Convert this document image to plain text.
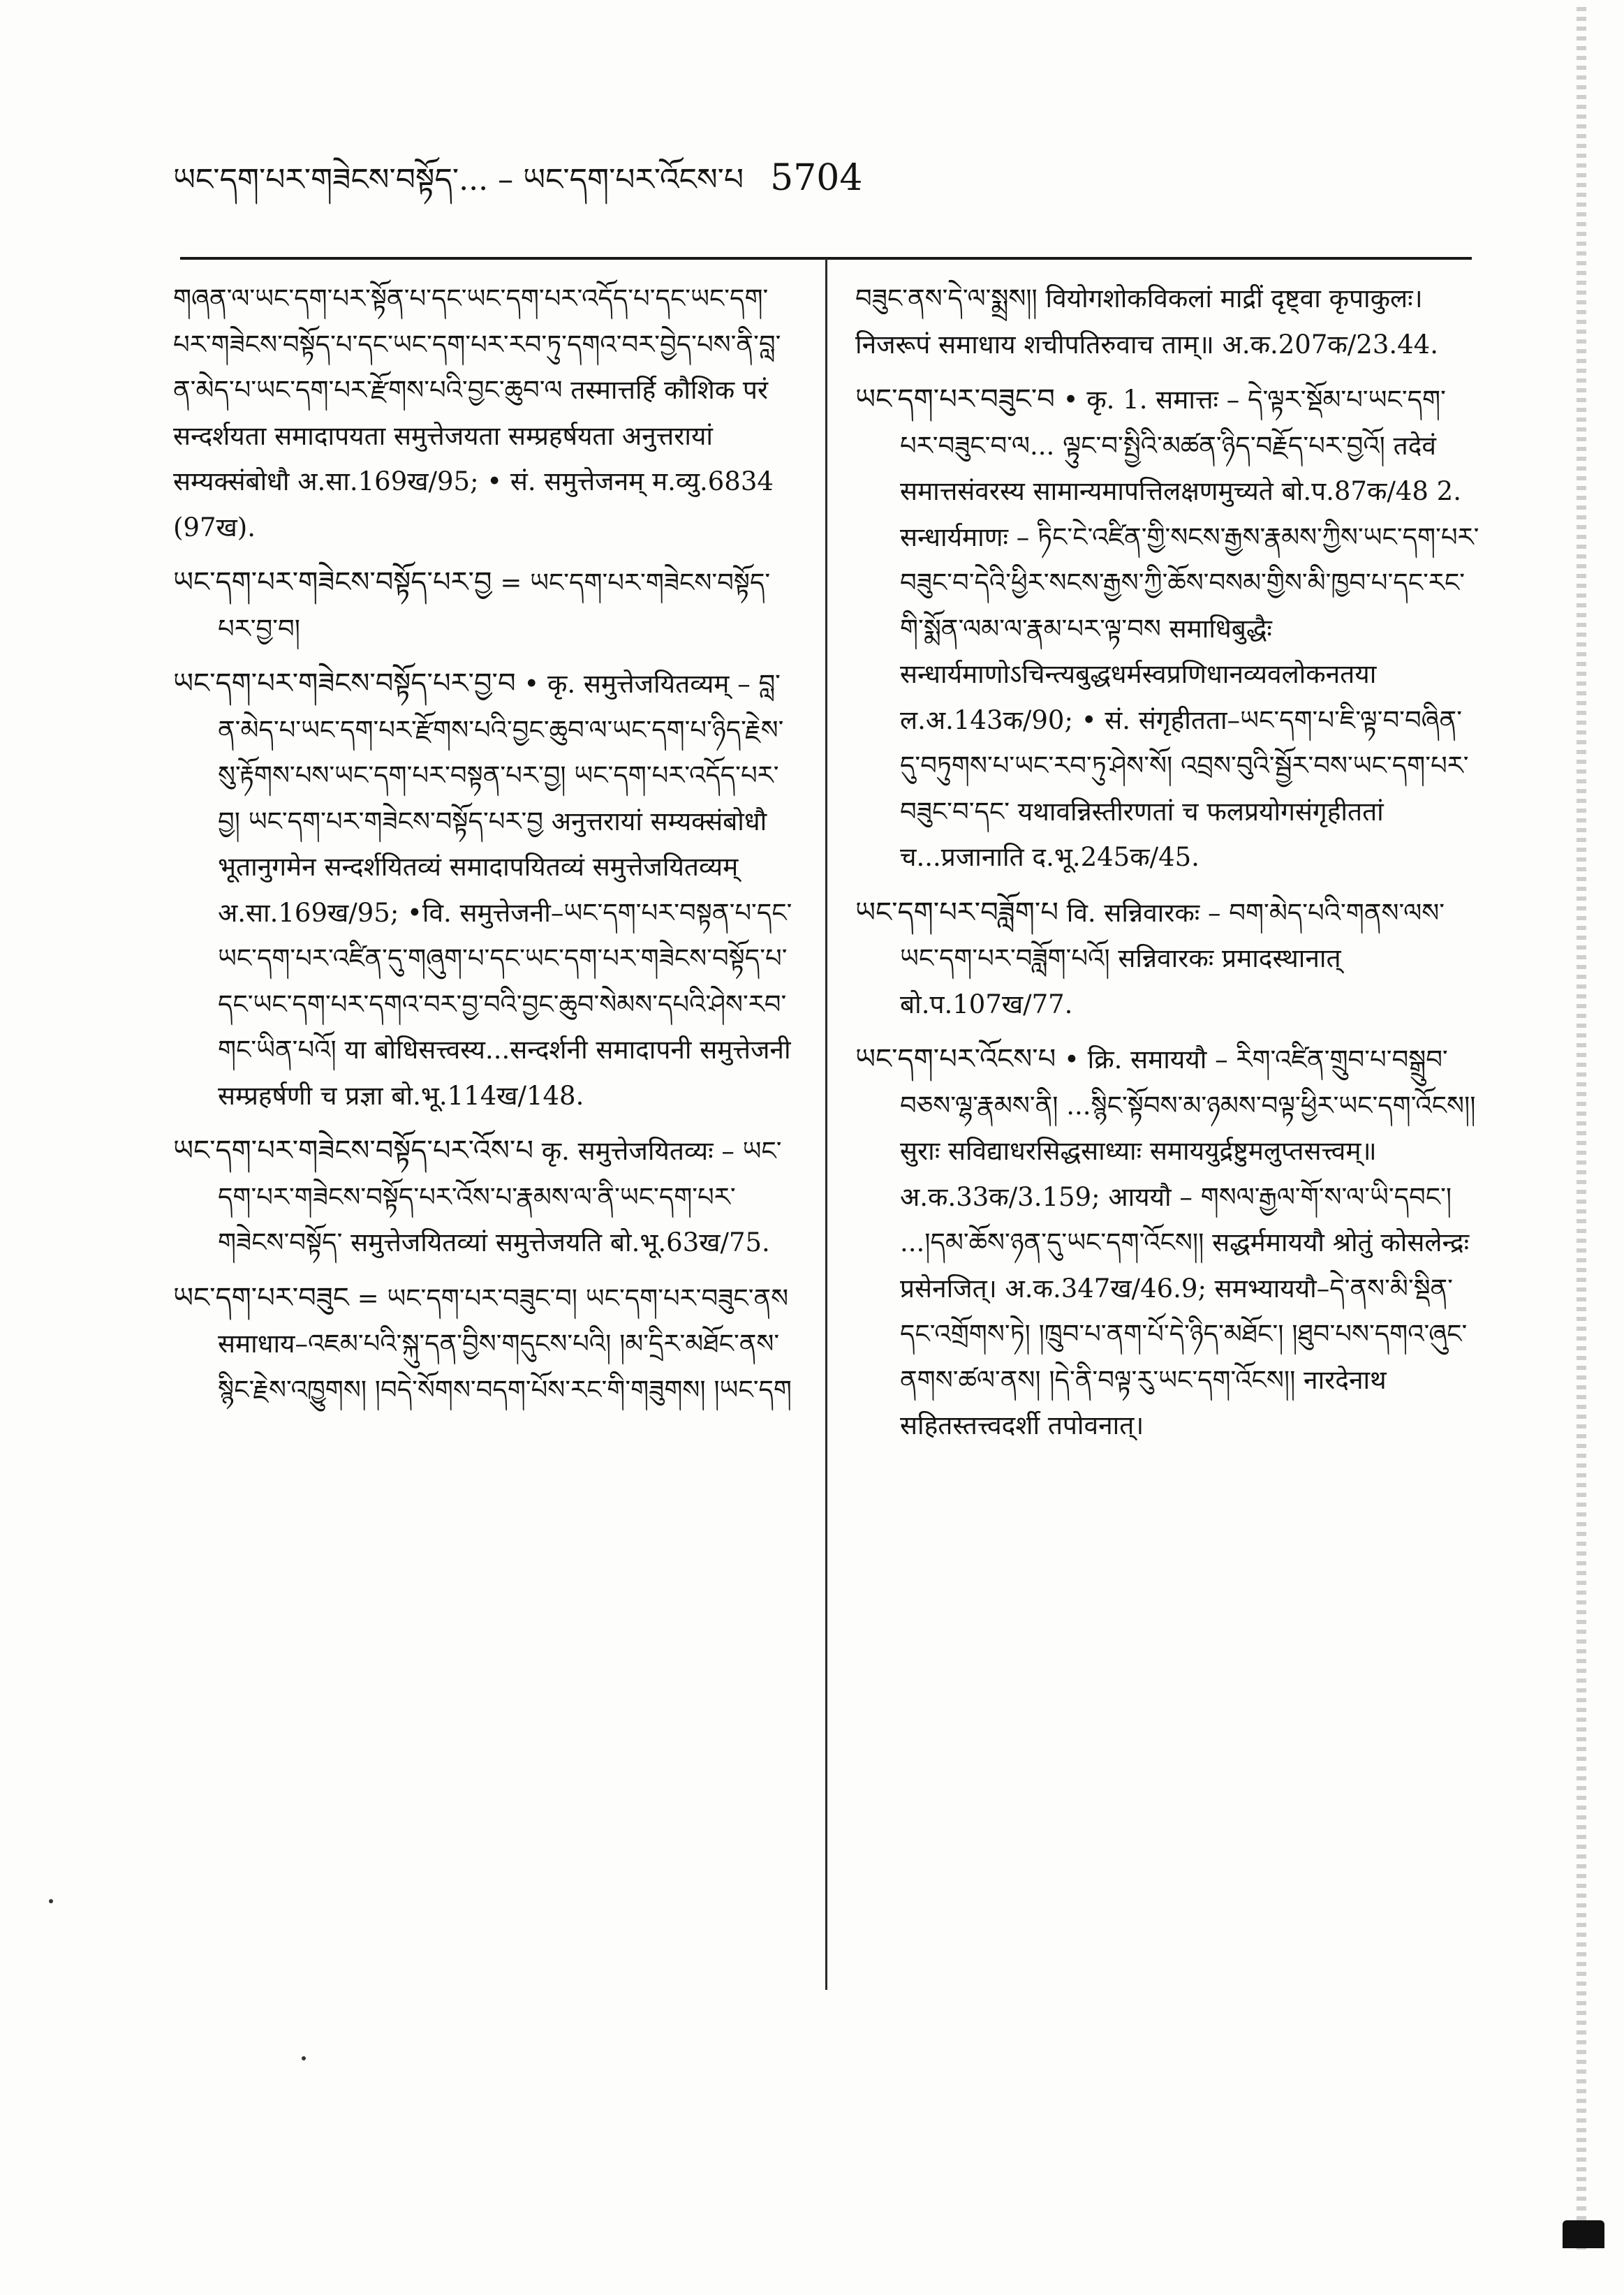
ཡང་དག་པར་གཟེངས་བསྟོད་... – ཡང་དག་པར་འོངས་པ 5704

གཞན་ལ་ཡང་དག་པར་སྟོན་པ་དང་ཡང་དག་པར་འདོད་པ་དང་ཡང་དག་པར་གཟེངས་བསྟོད་པ་དང་ཡང་དག་པར་རབ་ཏུ་དགའ་བར་བྱེད་པས་ནི་བླ་ན་མེད་པ་ཡང་དག་པར་རྫོགས་པའི་བྱང་ཆུབ་ལ तस्मात्तर्हि कौशिक परं सन्दर्शयता समादापयता समुत्तेजयता सम्प्रहर्षयता अनुत्तरायां सम्यक्संबोधौ अ.सा.169ख/95; • सं. समुत्तेजनम् म.व्यु.6834 (97ख).

ཡང་དག་པར་གཟེངས་བསྟོད་པར་བྱ = ཡང་དག་པར་གཟེངས་བསྟོད་པར་བྱ་བ།

ཡང་དག་པར་གཟེངས་བསྟོད་པར་བྱ་བ • कृ. समुत्तेजयितव्यम् – བླ་ན་མེད་པ་ཡང་དག་པར་རྫོགས་པའི་བྱང་ཆུབ་ལ་ཡང་དག་པ་ཉིད་རྗེས་སུ་རྟོགས་པས་ཡང་དག་པར་བསྟན་པར་བྱ། ཡང་དག་པར་འདོད་པར་བྱ། ཡང་དག་པར་གཟེངས་བསྟོད་པར་བྱ अनुत्तरायां सम्यक्संबोधौ भूतानुगमेन सन्दर्शयितव्यं समादापयितव्यं समुत्तेजयितव्यम् अ.सा.169ख/95; •वि. समुत्तेजनी–ཡང་དག་པར་བསྟན་པ་དང་ཡང་དག་པར་འཛིན་དུ་གཞུག་པ་དང་ཡང་དག་པར་གཟེངས་བསྟོད་པ་དང་ཡང་དག་པར་དགའ་བར་བྱ་བའི་བྱང་ཆུབ་སེམས་དཔའི་ཤེས་རབ་གང་ཡིན་པའོ། या बोधिसत्त्वस्य...सन्दर्शनी समादापनी समुत्तेजनी सम्प्रहर्षणी च प्रज्ञा बो.भू.114ख/148.

ཡང་དག་པར་གཟེངས་བསྟོད་པར་འོས་པ कृ. समुत्तेजयितव्यः – ཡང་དག་པར་གཟེངས་བསྟོད་པར་འོས་པ་རྣམས་ལ་ནི་ཡང་དག་པར་གཟེངས་བསྟོད་ समुत्तेजयितव्यां समुत्तेजयति बो.भू.63ख/75.

ཡང་དག་པར་བཟུང = ཡང་དག་པར་བཟུང་བ། ཡང་དག་པར་བཟུང་ནས समाधाय–འཇམ་པའི་སྐུ་དན་བྱིས་གདུངས་པའི། །མ་དྲིར་མཐོང་ནས་སྙིང་རྗེས་འཁྱུགས། །བདེ་སོགས་བདག་པོས་རང་གི་གཟུགས། །ཡང་དག

བཟུང་ནས་དེ་ལ་སྨྲས།། वियोगशोकविकलां माद्रीं दृष्ट्वा कृपाकुलः। निजरूपं समाधाय शचीपतिरुवाच ताम्॥ अ.क.207क/23.44.

ཡང་དག་པར་བཟུང་བ • कृ. 1. समात्तः – དེ་ལྟར་སྡོམ་པ་ཡང་དག་པར་བཟུང་བ་ལ... ལྟུང་བ་སྤྱིའི་མཚན་ཉིད་བརྗོད་པར་བྱའོ། तदेवं समात्तसंवरस्य सामान्यमापत्तिलक्षणमुच्यते बो.प.87क/48 2. सन्धार्यमाणः – ཏིང་ངེ་འཛིན་གྱི་སངས་རྒྱས་རྣམས་ཀྱིས་ཡང་དག་པར་བཟུང་བ་དེའི་ཕྱིར་སངས་རྒྱས་ཀྱི་ཆོས་བསམ་གྱིས་མི་ཁྱབ་པ་དང་རང་གི་སྨོན་ལམ་ལ་རྣམ་པར་ལྟ་བས समाधिबुद्धैः सन्धार्यमाणोऽचिन्त्यबुद्धधर्मस्वप्रणिधानव्यवलोकनतया ल.अ.143क/90; • सं. संगृहीतता–ཡང་དག་པ་ཇི་ལྟ་བ་བཞིན་དུ་བཏུགས་པ་ཡང་རབ་ཏུ་ཤེས་སོ། འབྲས་བུའི་སྦྱོར་བས་ཡང་དག་པར་བཟུང་བ་དང་ यथावन्निस्तीरणतां च फलप्रयोगसंगृहीततां च...प्रजानाति द.भू.245क/45.

ཡང་དག་པར་བཟློག་པ वि. सन्निवारकः – བག་མེད་པའི་གནས་ལས་ཡང་དག་པར་བཟློག་པའོ། सन्निवारकः प्रमादस्थानात् बो.प.107ख/77.

ཡང་དག་པར་འོངས་པ • क्रि. समाययौ – རིག་འཛིན་གྲུབ་པ་བསྒྲུབ་བཅས་ལྷ་རྣམས་ནི། ...སྙིང་སྟོབས་མ་ཉམས་བལྟ་ཕྱིར་ཡང་དག་འོངས།། सुराः सविद्याधरसिद्धसाध्याः समाययुर्द्रष्टुमलुप्तसत्त्वम्॥ अ.क.33क/3.159; आययौ – གསལ་རྒྱལ་གོ་ས་ལ་ཡི་དབང་། ...།དམ་ཆོས་ཉན་དུ་ཡང་དག་འོངས།། सद्धर्ममाययौ श्रोतुं कोसलेन्द्रः प्रसेनजित्। अ.क.347ख/46.9; समभ्याययौ–དེ་ནས་མི་སྡིན་དང་འགྲོགས་ཏེ། །ཁྲུབ་པ་ནག་པོ་དེ་ཉིད་མཐོང་། །ཐུབ་པས་དགའ་ཞུང་ནགས་ཚལ་ནས། །དེ་ནི་བལྟ་རུ་ཡང་དག་འོངས།། नारदेनाथ सहितस्तत्त्वदर्शी तपोवनात्।
